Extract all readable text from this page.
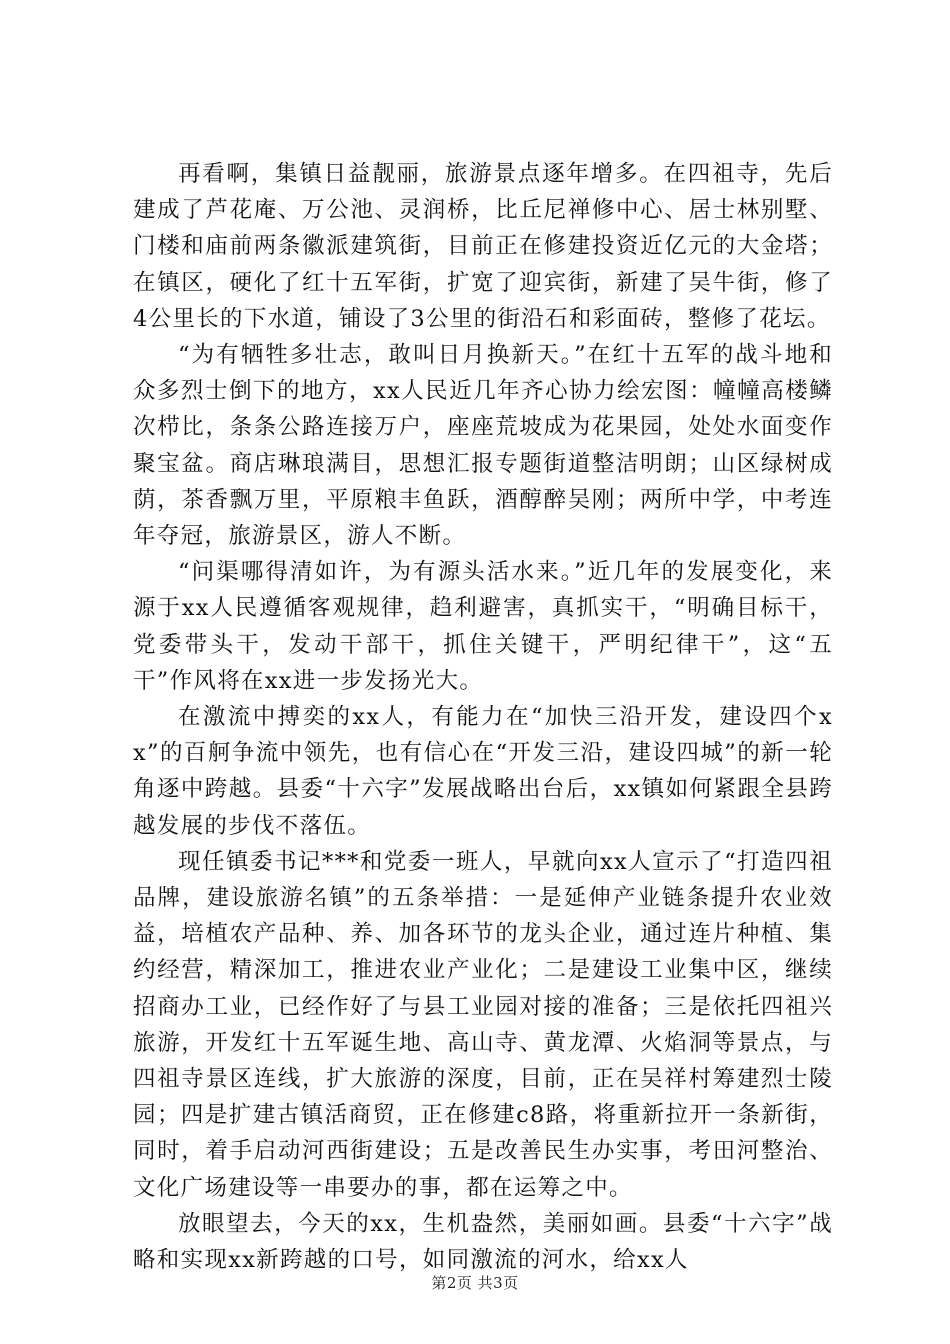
再看啊，集镇日益靓丽，旅游景点逐年增多。在四祖寺，先后建成了芦花庵、万公池、灵润桥，比丘尼禅修中心、居士林别墅、门楼和庙前两条徽派建筑街，目前正在修建投资近亿元的大金塔；在镇区，硬化了红十五军街，扩宽了迎宾街，新建了吴牛街，修了4公里长的下水道，铺设了3公里的街沿石和彩面砖，整修了花坛。

“为有牺牲多壮志，敢叫日月换新天。”在红十五军的战斗地和众多烈士倒下的地方，xx人民近几年齐心协力绘宏图：幢幢高楼鳞次栉比，条条公路连接万户，座座荒坡成为花果园，处处水面变作聚宝盆。商店琳琅满目，思想汇报专题街道整洁明朗；山区绿树成荫，茶香飘万里，平原粮丰鱼跃，酒醇醉吴刚；两所中学，中考连年夺冠，旅游景区，游人不断。

“问渠哪得清如许，为有源头活水来。”近几年的发展变化，来源于xx人民遵循客观规律，趋利避害，真抓实干，“明确目标干，党委带头干，发动干部干，抓住关键干，严明纪律干”，这“五干”作风将在xx进一步发扬光大。

在激流中搏奕的xx人，有能力在“加快三沿开发，建设四个xx”的百舸争流中领先，也有信心在“开发三沿，建设四城”的新一轮角逐中跨越。县委“十六字”发展战略出台后，xx镇如何紧跟全县跨越发展的步伐不落伍。

现任镇委书记***和党委一班人，早就向xx人宣示了“打造四祖品牌，建设旅游名镇”的五条举措：一是延伸产业链条提升农业效益，培植农产品种、养、加各环节的龙头企业，通过连片种植、集约经营，精深加工，推进农业产业化；二是建设工业集中区，继续招商办工业，已经作好了与县工业园对接的准备；三是依托四祖兴旅游，开发红十五军诞生地、高山寺、黄龙潭、火焰洞等景点，与四祖寺景区连线，扩大旅游的深度，目前，正在吴祥村筹建烈士陵园；四是扩建古镇活商贸，正在修建c8路，将重新拉开一条新街，同时，着手启动河西街建设；五是改善民生办实事，考田河整治、文化广场建设等一串要办的事，都在运筹之中。

放眼望去，今天的xx，生机盎然，美丽如画。县委“十六字”战略和实现xx新跨越的口号，如同激流的河水，给xx人

第2页 共3页
